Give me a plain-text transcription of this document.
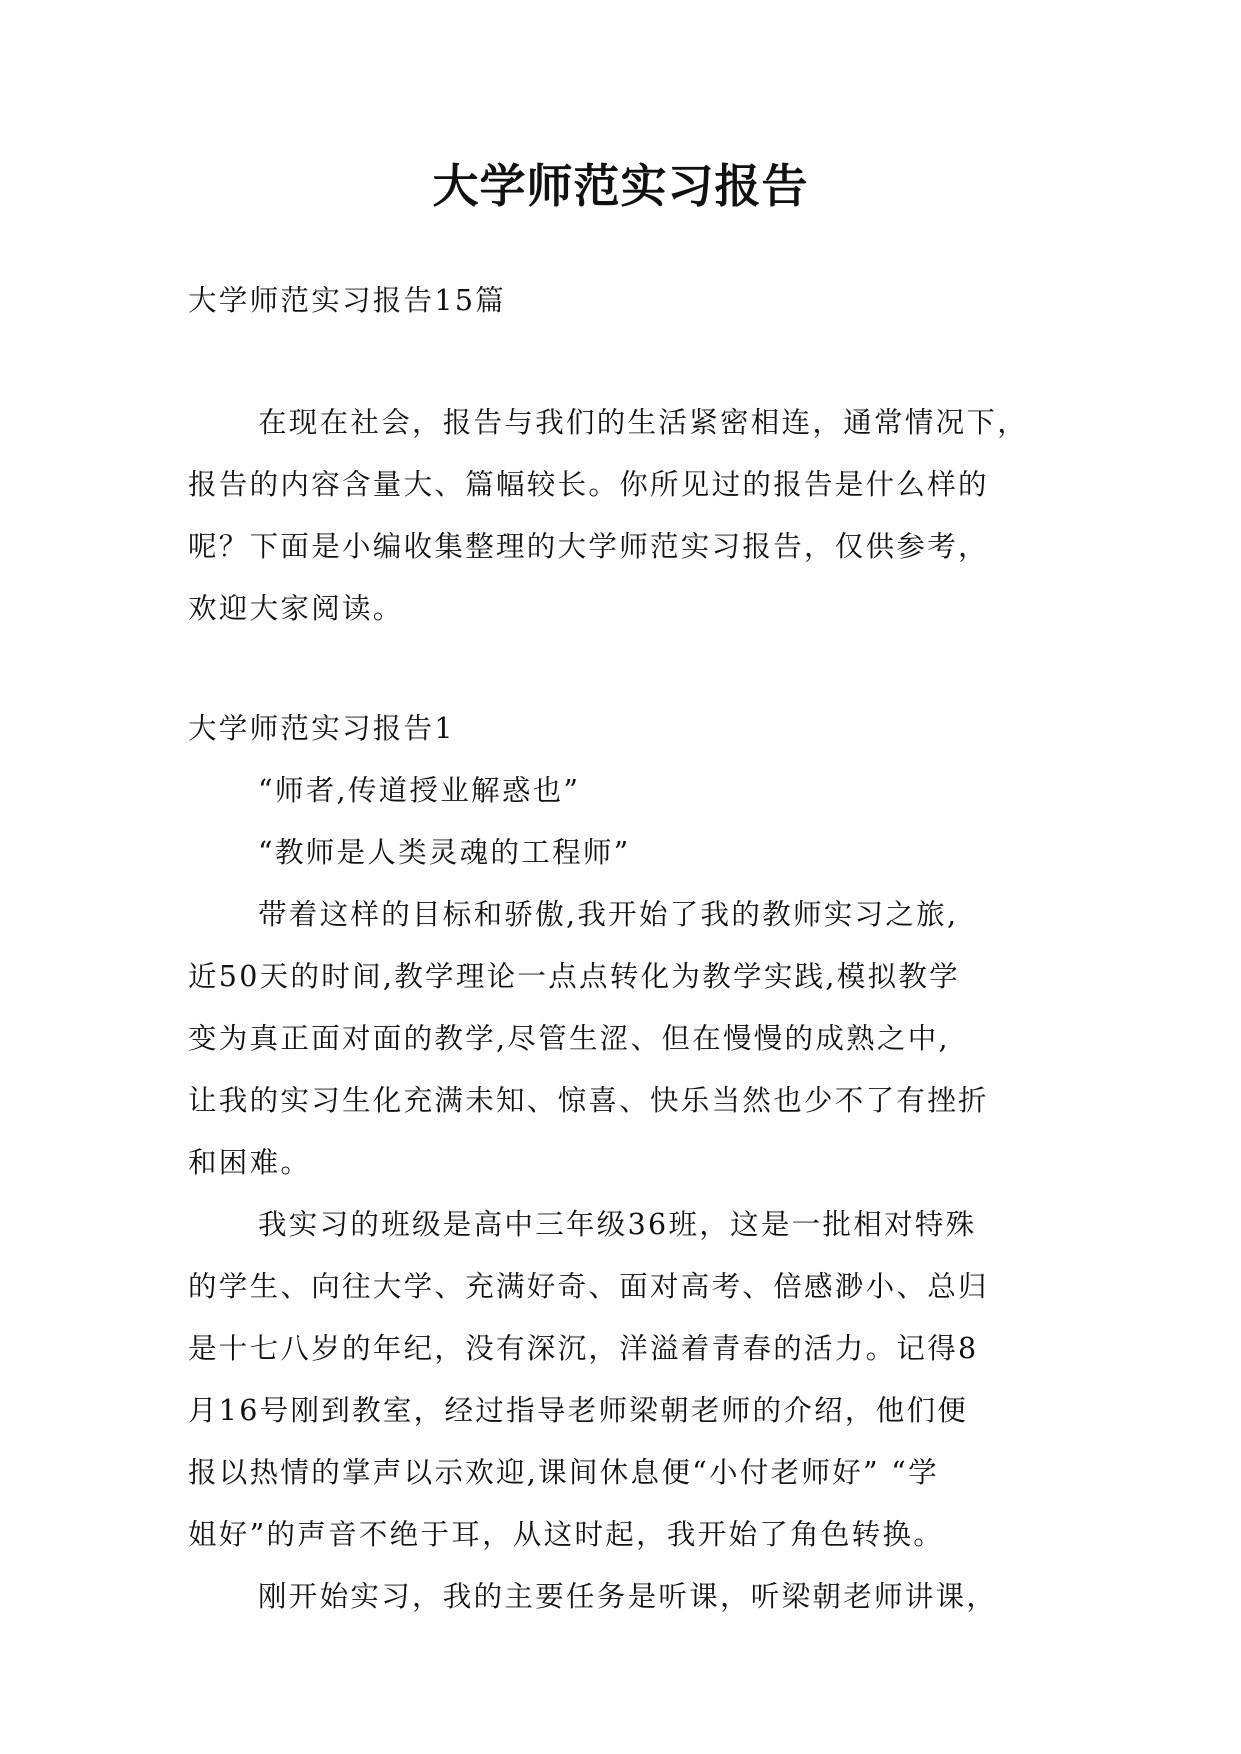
大学师范实习报告
大学师范实习报告15篇
在现在社会，报告与我们的生活紧密相连，通常情况下，
报告的内容含量大、篇幅较长。你所见过的报告是什么样的
呢？下面是小编收集整理的大学师范实习报告，仅供参考，
欢迎大家阅读。
大学师范实习报告1
“师者,传道授业解惑也”
“教师是人类灵魂的工程师”
带着这样的目标和骄傲,我开始了我的教师实习之旅,
近50天的时间,教学理论一点点转化为教学实践,模拟教学
变为真正面对面的教学,尽管生涩、但在慢慢的成熟之中,
让我的实习生化充满未知、惊喜、快乐当然也少不了有挫折
和困难。
我实习的班级是高中三年级36班，这是一批相对特殊
的学生、向往大学、充满好奇、面对高考、倍感渺小、总归
是十七八岁的年纪，没有深沉，洋溢着青春的活力。记得8
月16号刚到教室，经过指导老师梁朝老师的介绍，他们便
报以热情的掌声以示欢迎,课间休息便“小付老师好” “学
姐好”的声音不绝于耳，从这时起，我开始了角色转换。
刚开始实习，我的主要任务是听课，听梁朝老师讲课，
